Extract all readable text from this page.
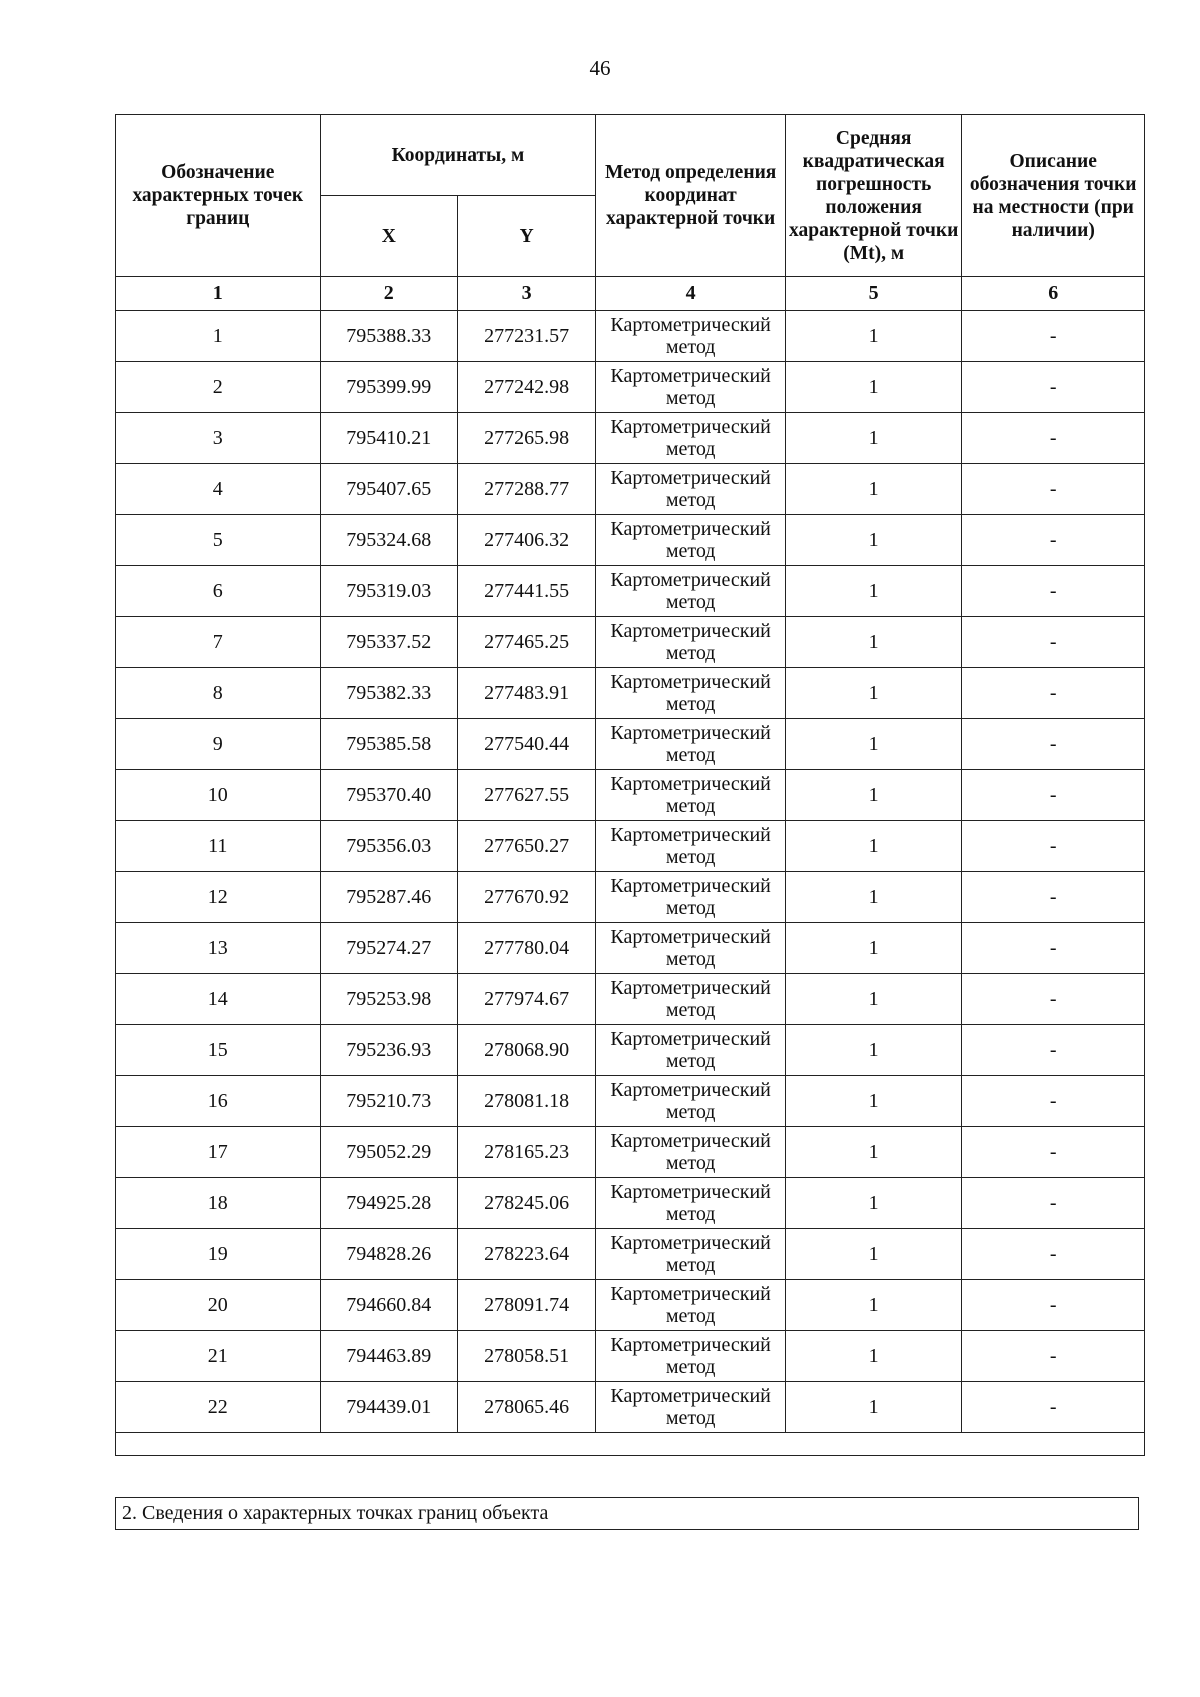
46
Обозначение характерных точек границ	Координаты, м		Метод определения координат характерной точки	Средняя квадратическая погрешность положения характерной точки (Мt), м	Описание обозначения точки на местности (при наличии)
	X	Y			
1	2	3	4	5	6
1	795388.33	277231.57	Картометрический метод	1	-
2	795399.99	277242.98	Картометрический метод	1	-
3	795410.21	277265.98	Картометрический метод	1	-
4	795407.65	277288.77	Картометрический метод	1	-
5	795324.68	277406.32	Картометрический метод	1	-
6	795319.03	277441.55	Картометрический метод	1	-
7	795337.52	277465.25	Картометрический метод	1	-
8	795382.33	277483.91	Картометрический метод	1	-
9	795385.58	277540.44	Картометрический метод	1	-
10	795370.40	277627.55	Картометрический метод	1	-
11	795356.03	277650.27	Картометрический метод	1	-
12	795287.46	277670.92	Картометрический метод	1	-
13	795274.27	277780.04	Картометрический метод	1	-
14	795253.98	277974.67	Картометрический метод	1	-
15	795236.93	278068.90	Картометрический метод	1	-
16	795210.73	278081.18	Картометрический метод	1	-
17	795052.29	278165.23	Картометрический метод	1	-
18	794925.28	278245.06	Картометрический метод	1	-
19	794828.26	278223.64	Картометрический метод	1	-
20	794660.84	278091.74	Картометрический метод	1	-
21	794463.89	278058.51	Картометрический метод	1	-
22	794439.01	278065.46	Картометрический метод	1	-

2. Сведения о характерных точках границ объекта
